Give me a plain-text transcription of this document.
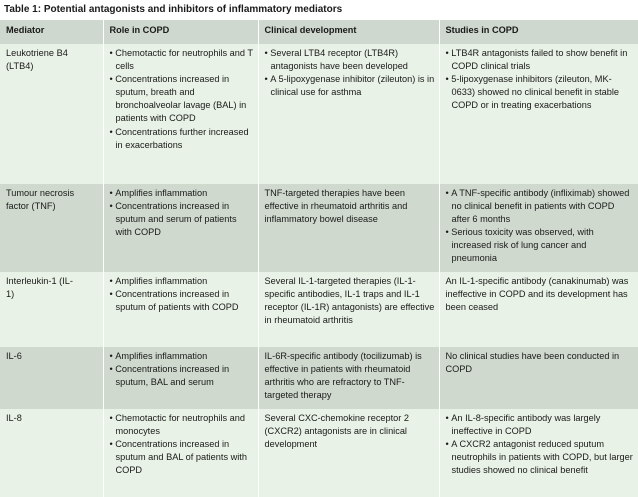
Table 1: Potential antagonists and inhibitors of inflammatory mediators
Mediator	Role in COPD	Clinical development	Studies in COPD

Leukotriene B4
(LTB4)	• Chemotactic for neutrophils and T cells
• Concentrations increased in sputum, breath and bronchoalveolar lavage (BAL) in patients with COPD
• Concentrations further increased in exacerbations	• Several LTB4 receptor (LTB4R) antagonists have been developed
• A 5-lipoxygenase inhibitor (zileuton) is in clinical use for asthma	• LTB4R antagonists failed to show benefit in COPD clinical trials
• 5-lipoxygenase inhibitors (zileuton, MK-0633) showed no clinical benefit in stable COPD or in treating exacerbations

Tumour necrosis
factor (TNF)	• Amplifies inflammation
• Concentrations increased in sputum and serum of patients with COPD	TNF-targeted therapies have been effective in rheumatoid arthritis and inflammatory bowel disease	• A TNF-specific antibody (infliximab) showed no clinical benefit in patients with COPD after 6 months
• Serious toxicity was observed, with increased risk of lung cancer and pneumonia

Interleukin-1 (IL-
1)	• Amplifies inflammation
• Concentrations increased in sputum of patients with COPD	Several IL-1-targeted therapies (IL-1-specific antibodies, IL-1 traps and IL-1 receptor (IL-1R) antagonists) are effective in rheumatoid arthritis	An IL-1-specific antibody (canakinumab) was ineffective in COPD and its development has been ceased

IL-6	• Amplifies inflammation
• Concentrations increased in sputum, BAL and serum	IL-6R-specific antibody (tocilizumab) is effective in patients with rheumatoid arthritis who are refractory to TNF-targeted therapy	No clinical studies have been conducted in COPD

IL-8	• Chemotactic for neutrophils and monocytes
• Concentrations increased in sputum and BAL of patients with COPD	Several CXC-chemokine receptor 2 (CXCR2) antagonists are in clinical development	• An IL-8-specific antibody was largely ineffective in COPD
• A CXCR2 antagonist reduced sputum neutrophils in patients with COPD, but larger studies showed no clinical benefit
